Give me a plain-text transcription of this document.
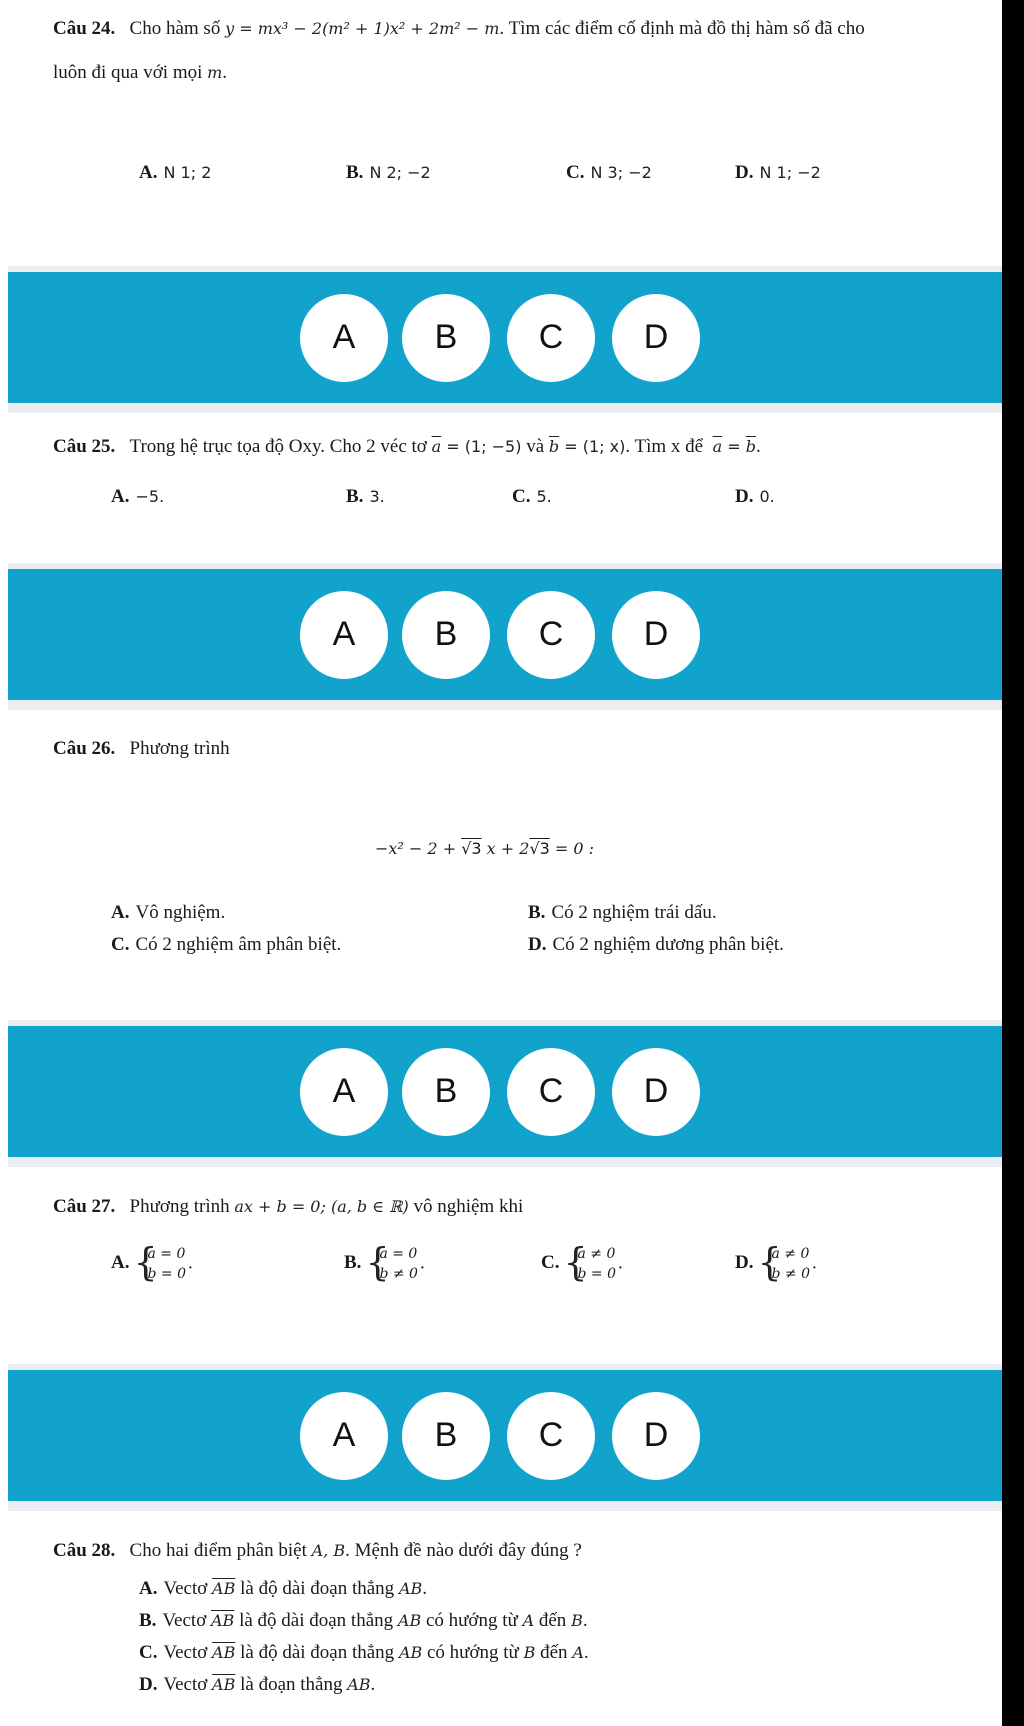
Câu 24. Cho hàm số y = mx³ − 2(m² + 1)x² + 2m² − m. Tìm các điểm cố định mà đồ thị hàm số đã cho
luôn đi qua với mọi m.
A. N 1; 2	B. N 2; −2	C. N 3; −2	D. N 1; −2
A	B	C	D
Câu 25. Trong hệ trục tọa độ Oxy. Cho 2 véc tơ $\overline{a} = (1$; −5) và $\overline{b} = (1$; x). Tìm x để $\overline{a} = \overline{b}$.
A. −5.	B. 3.	C. 5.	D. 0.
A	B	C	D
Câu 26. Phương trình
−x² − 2 + √3 x + 2√3 = 0 :
A. Vô nghiệm.	B. Có 2 nghiệm trái dấu.
C. Có 2 nghiệm âm phân biệt.	D. Có 2 nghiệm dương phân biệt.
A	B	C	D
Câu 27. Phương trình ax + b = 0; (a, b ∈ ℝ) vô nghiệm khi
A. { a = 0
b = 0
.	B. { a = 0
b ≠ 0
.	C. { a ≠ 0
b = 0
.	D. { a ≠ 0
b ≠ 0
.
A	B	C	D
Câu 28. Cho hai điểm phân biệt A, B. Mệnh đề nào dưới đây đúng ?
A. Vectơ $\overline{AB}$ là độ dài đoạn thẳng AB.
B. Vectơ $\overline{AB}$ là độ dài đoạn thẳng AB có hướng từ A đến B.
C. Vectơ $\overline{AB}$ là độ dài đoạn thẳng AB có hướng từ B đến A.
D. Vectơ $\overline{AB}$ là đoạn thẳng AB.
